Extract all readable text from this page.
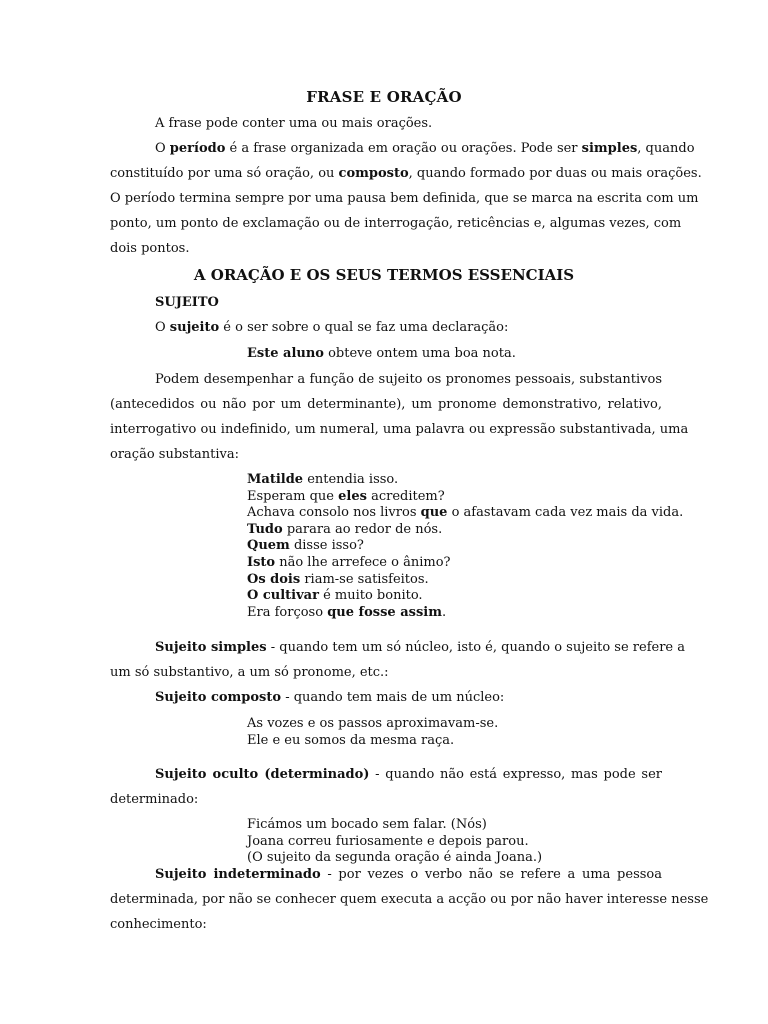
FRASE E ORAÇÃO
A frase pode conter uma ou mais orações.
O período é a frase organizada em oração ou orações. Pode ser simples, quando
constituído por uma só oração, ou composto, quando formado por duas ou mais orações.
O período termina sempre por uma pausa bem definida, que se marca na escrita com um
ponto, um ponto de exclamação ou de interrogação, reticências e, algumas vezes, com
dois pontos.
A ORAÇÃO E OS SEUS TERMOS ESSENCIAIS
SUJEITO
O sujeito é o ser sobre o qual se faz uma declaração:
Este aluno obteve ontem uma boa nota.
Podem desempenhar a função de sujeito os pronomes pessoais, substantivos
(antecedidos ou não por um determinante), um pronome demonstrativo, relativo,
interrogativo ou indefinido, um numeral, uma palavra ou expressão substantivada, uma
oração substantiva:
Matilde entendia isso.
Esperam que eles acreditem?
Achava consolo nos livros que o afastavam cada vez mais da vida.
Tudo parara ao redor de nós.
Quem disse isso?
Isto não lhe arrefece o ânimo?
Os dois riam-se satisfeitos.
O cultivar é muito bonito.
Era forçoso que fosse assim.
Sujeito simples - quando tem um só núcleo, isto é, quando o sujeito se refere a
um só substantivo, a um só pronome, etc.:
Sujeito composto - quando tem mais de um núcleo:
As vozes e os passos aproximavam-se.
Ele e eu somos da mesma raça.
Sujeito oculto (determinado) - quando não está expresso, mas pode ser
determinado:
Ficámos um bocado sem falar. (Nós)
Joana correu furiosamente e depois parou.
(O sujeito da segunda oração é ainda Joana.)
Sujeito indeterminado - por vezes o verbo não se refere a uma pessoa
determinada, por não se conhecer quem executa a acção ou por não haver interesse nesse
conhecimento:
